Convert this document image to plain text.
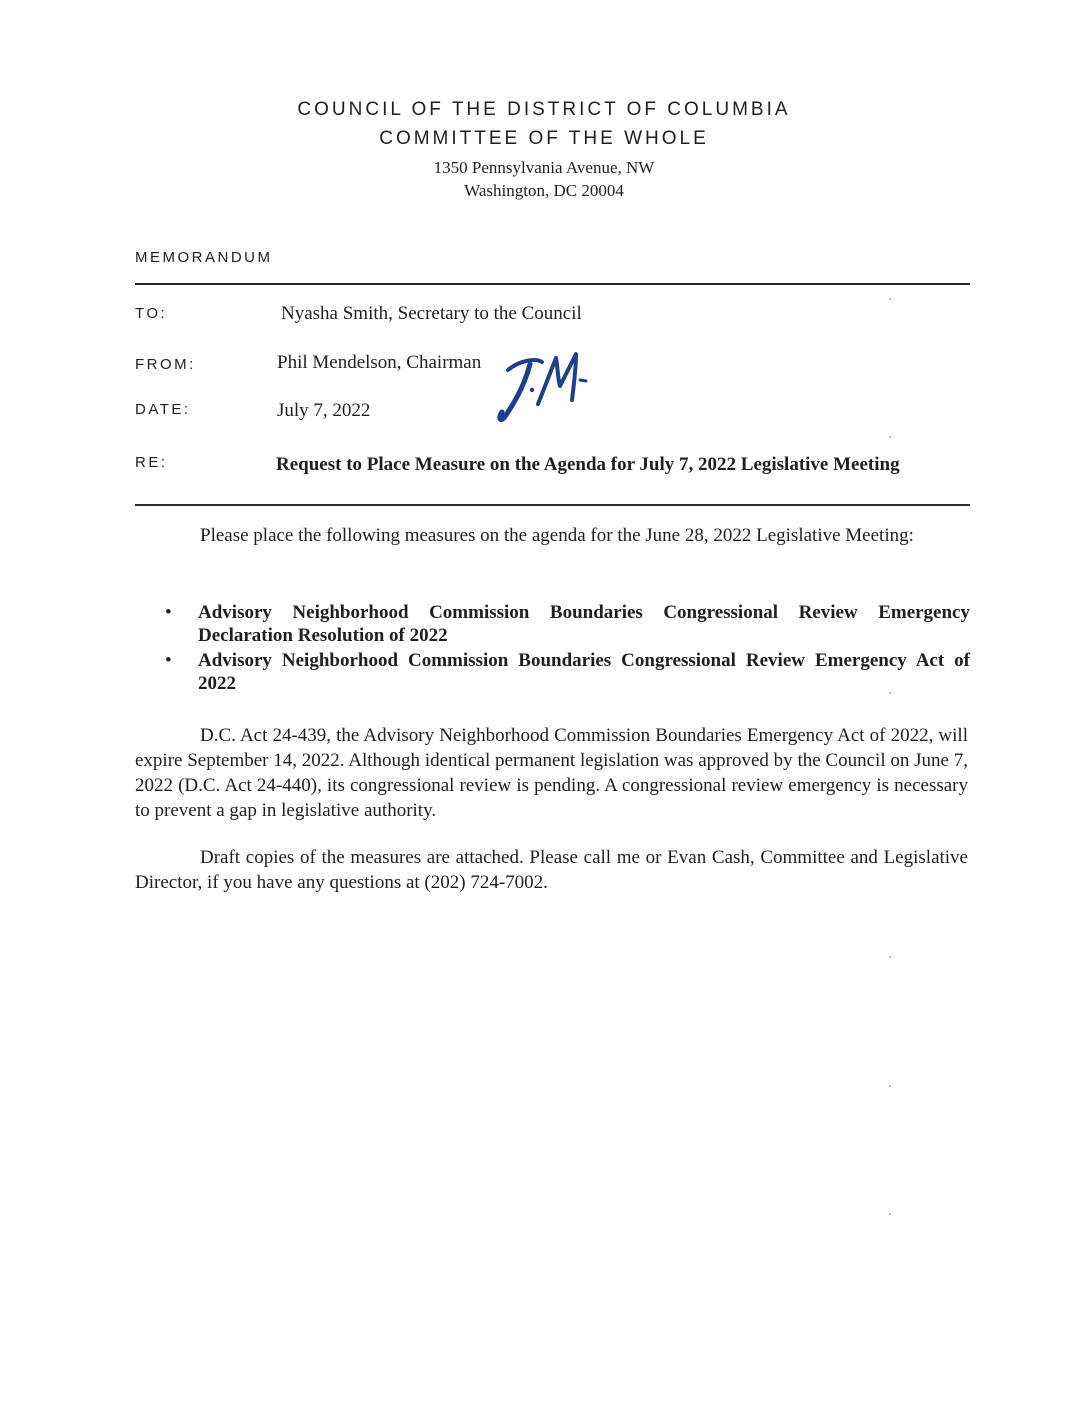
COUNCIL OF THE DISTRICT OF COLUMBIA
COMMITTEE OF THE WHOLE
1350 Pennsylvania Avenue, NW
Washington, DC 20004
MEMORANDUM
TO:	Nyasha Smith, Secretary to the Council
FROM:	Phil Mendelson, Chairman
DATE:	July 7, 2022
RE:	Request to Place Measure on the Agenda for July 7, 2022 Legislative Meeting
Please place the following measures on the agenda for the June 28, 2022 Legislative Meeting:
• Advisory Neighborhood Commission Boundaries Congressional Review Emergency Declaration Resolution of 2022
• Advisory Neighborhood Commission Boundaries Congressional Review Emergency Act of 2022
D.C. Act 24-439, the Advisory Neighborhood Commission Boundaries Emergency Act of 2022, will expire September 14, 2022. Although identical permanent legislation was approved by the Council on June 7, 2022 (D.C. Act 24-440), its congressional review is pending. A congressional review emergency is necessary to prevent a gap in legislative authority.
Draft copies of the measures are attached. Please call me or Evan Cash, Committee and Legislative Director, if you have any questions at (202) 724-7002.
